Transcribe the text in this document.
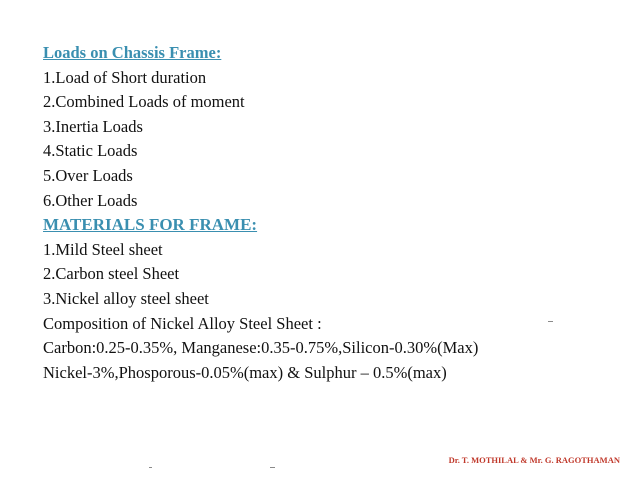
Loads on Chassis Frame:
1.Load of Short duration
2.Combined Loads of moment
3.Inertia Loads
4.Static Loads
5.Over Loads
6.Other Loads
MATERIALS FOR FRAME:
1.Mild Steel sheet
2.Carbon steel Sheet
3.Nickel alloy steel sheet
Composition of Nickel Alloy Steel Sheet :
Carbon:0.25-0.35%, Manganese:0.35-0.75%,Silicon-0.30%(Max)
Nickel-3%,Phosporous-0.05%(max) & Sulphur – 0.5%(max)
Dr. T. MOTHILAL & Mr. G. RAGOTHAMAN
